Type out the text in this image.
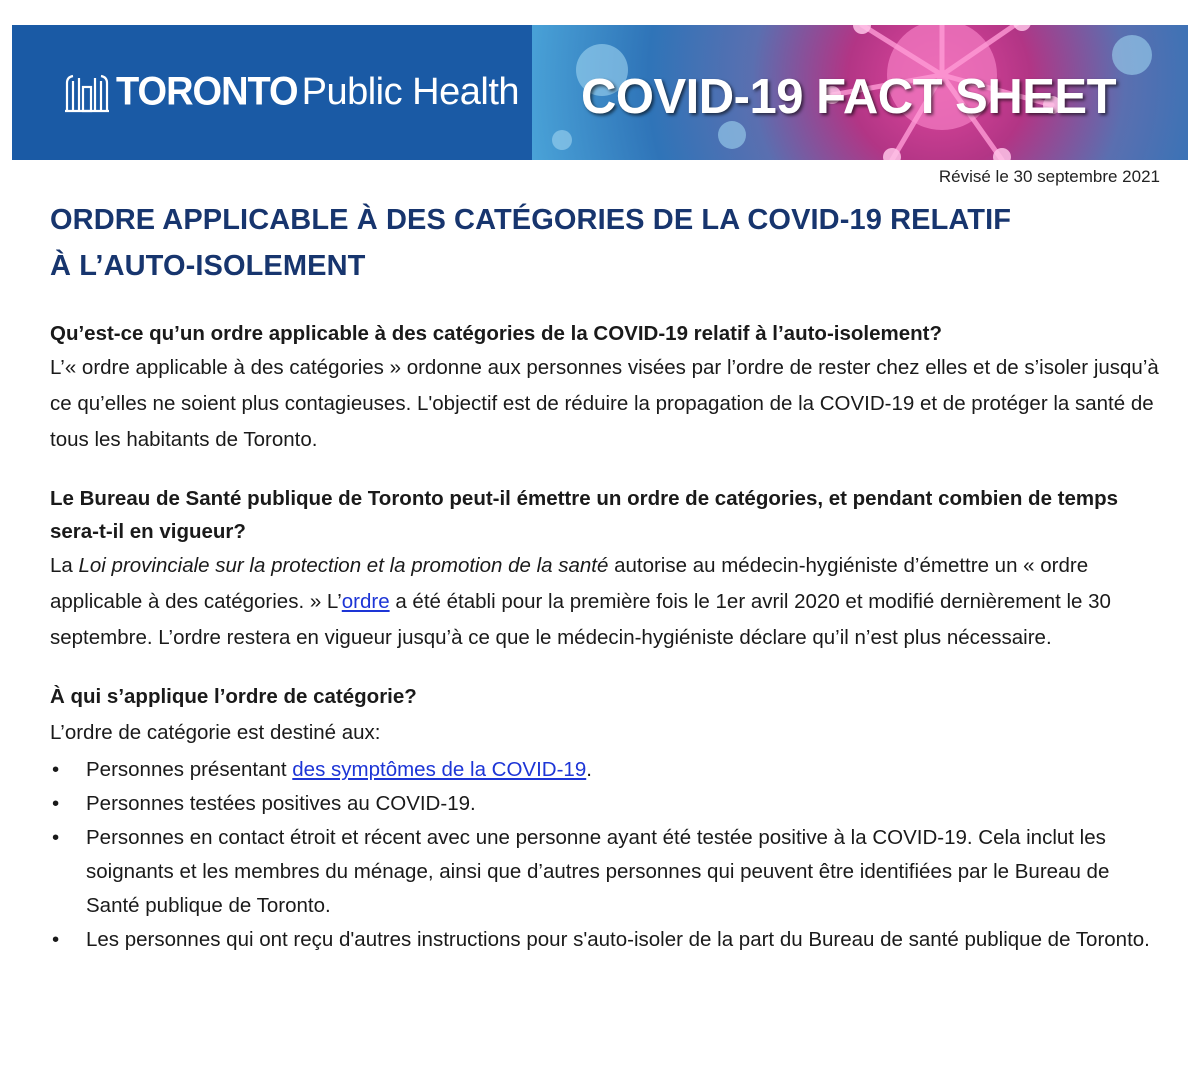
TORONTO Public Health COVID-19 FACT SHEET
Révisé le 30 septembre 2021
ORDRE APPLICABLE À DES CATÉGORIES DE LA COVID-19 RELATIF
À L’AUTO-ISOLEMENT
Qu’est-ce qu’un ordre applicable à des catégories de la COVID-19 relatif à l’auto-isolement?

L’« ordre applicable à des catégories » ordonne aux personnes visées par l’ordre de rester chez elles et de s’isoler jusqu’à ce qu’elles ne soient plus contagieuses. L'objectif est de réduire la propagation de la COVID-19 et de protéger la santé de tous les habitants de Toronto.

Le Bureau de Santé publique de Toronto peut-il émettre un ordre de catégories, et pendant combien de temps sera-t-il en vigueur?

La Loi provinciale sur la protection et la promotion de la santé autorise au médecin-hygiéniste d’émettre un « ordre applicable à des catégories. » L’ordre a été établi pour la première fois le 1er avril 2020 et modifié dernièrement le 30 septembre. L’ordre restera en vigueur jusqu’à ce que le médecin-hygiéniste déclare qu’il n’est plus nécessaire.

À qui s’applique l’ordre de catégorie?

L’ordre de catégorie est destiné aux:

• Personnes présentant des symptômes de la COVID-19.
• Personnes testées positives au COVID-19.
• Personnes en contact étroit et récent avec une personne ayant été testée positive à la COVID-19. Cela inclut les soignants et les membres du ménage, ainsi que d’autres personnes qui peuvent être identifiées par le Bureau de Santé publique de Toronto.
• Les personnes qui ont reçu d'autres instructions pour s'auto-isoler de la part du Bureau de santé publique de Toronto.
